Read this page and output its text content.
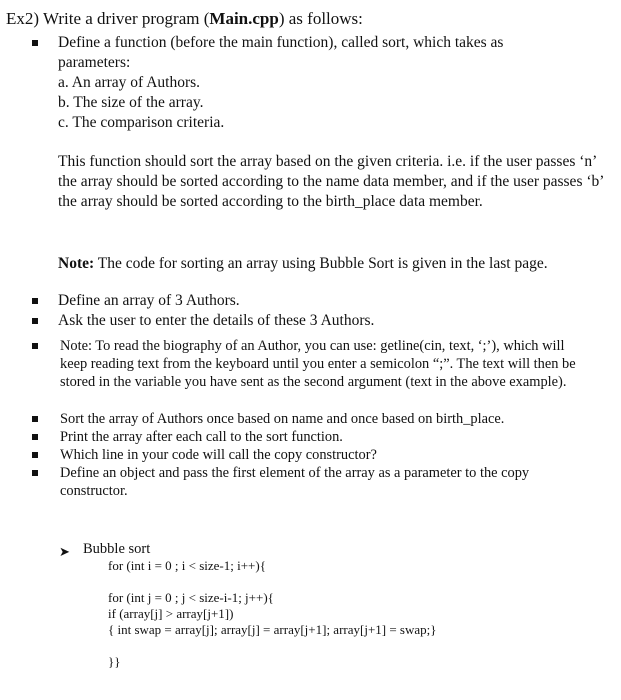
Ex2) Write a driver program (Main.cpp) as follows:

Define a function (before the main function), called sort, which takes as parameters:

a. An array of Authors.

b. The size of the array.

c. The comparison criteria.

This function should sort the array based on the given criteria. i.e. if the user passes ‘n’ the array should be sorted according to the name data member, and if the user passes ‘b’ the array should be sorted according to the birth_place data member.
Note: The code for sorting an array using Bubble Sort is given in the last page.
Define an array of 3 Authors.
Ask the user to enter the details of these 3 Authors.
Note: To read the biography of an Author, you can use: getline(cin, text, ‘;’), which will keep reading text from the keyboard until you enter a semicolon “;”. The text will then be stored in the variable you have sent as the second argument (text in the above example).
Sort the array of Authors once based on name and once based on birth_place.
Print the array after each call to the sort function.
Which line in your code will call the copy constructor?
Define an object and pass the first element of the array as a parameter to the copy constructor.
➤ Bubble sort
for (int i = 0 ; i < size-1; i++){
for (int j = 0 ; j < size-i-1; j++){
if (array[j] > array[j+1])
{ int swap = array[j]; array[j] = array[j+1]; array[j+1] = swap;}
}}
